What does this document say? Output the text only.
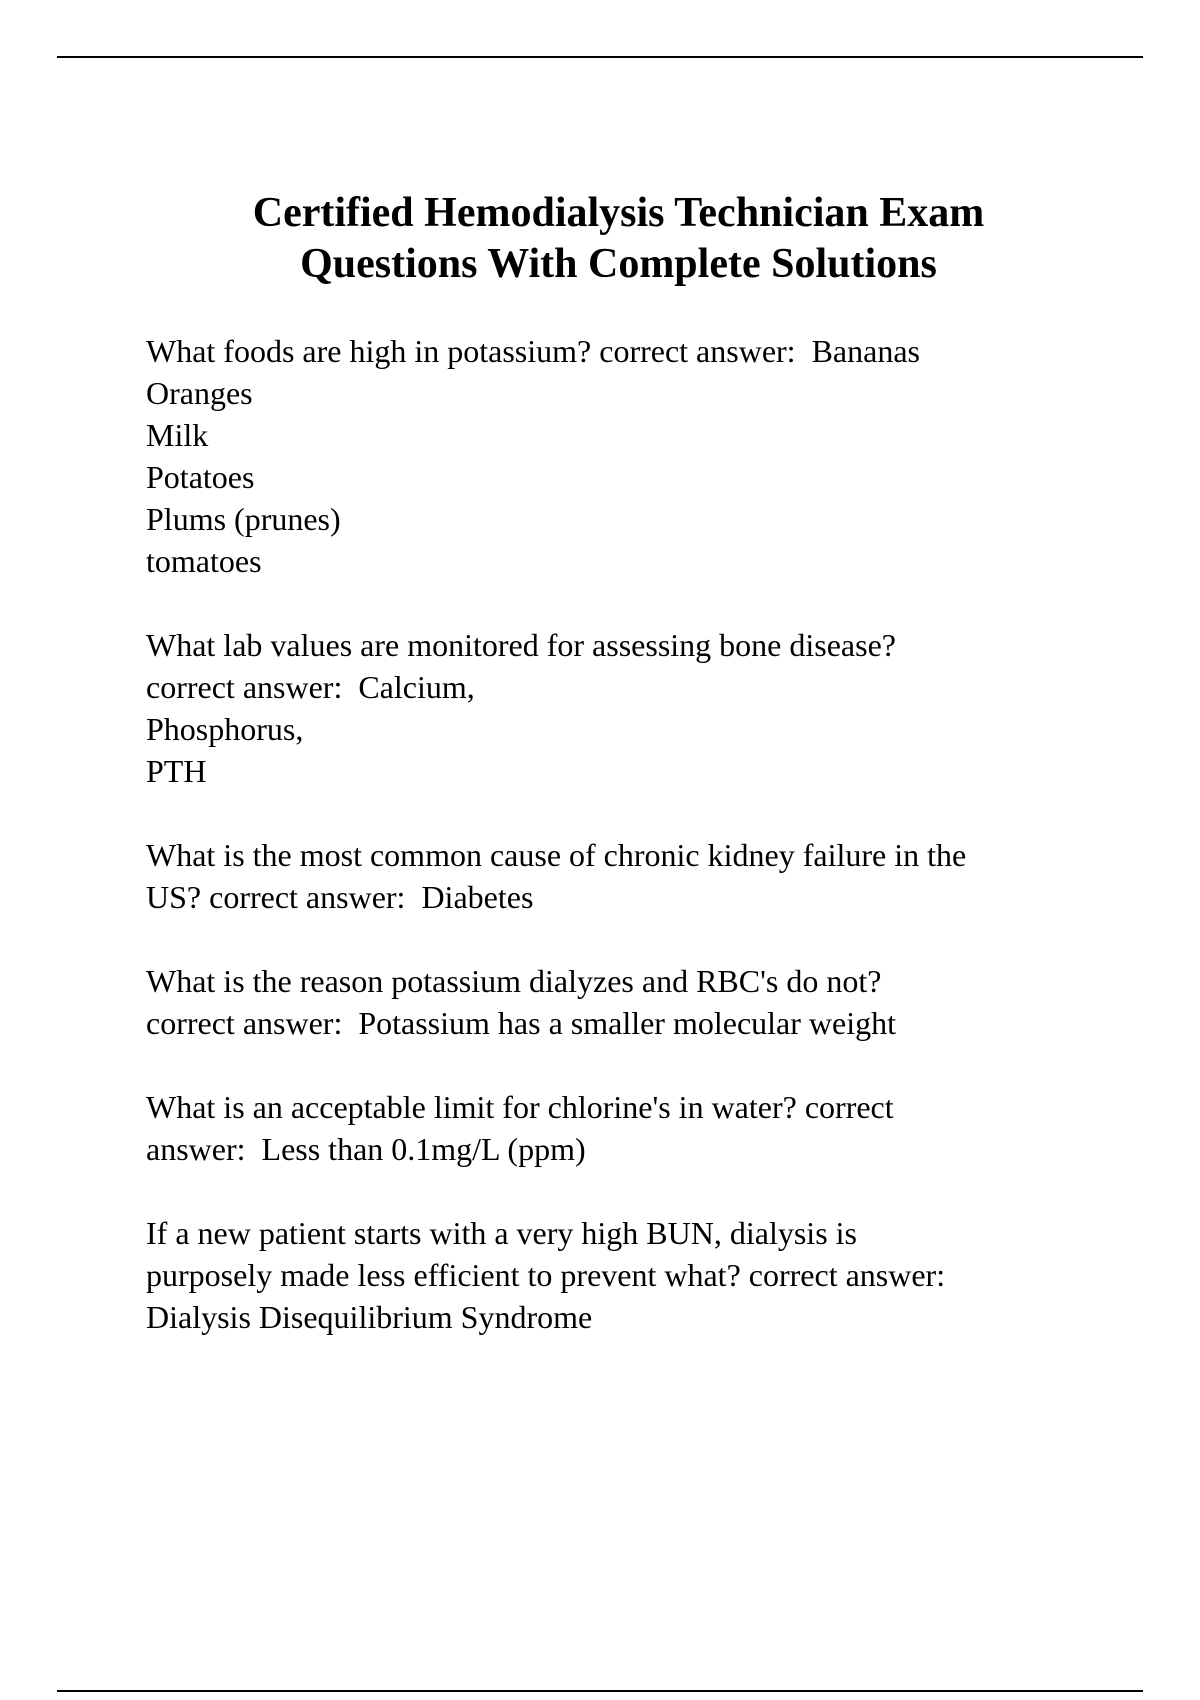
Certified Hemodialysis Technician Exam
Questions With Complete Solutions
What foods are high in potassium? correct answer:  Bananas
Oranges
Milk
Potatoes
Plums (prunes)
tomatoes
What lab values are monitored for assessing bone disease?
correct answer:  Calcium,
Phosphorus,
PTH
What is the most common cause of chronic kidney failure in the
US? correct answer:  Diabetes
What is the reason potassium dialyzes and RBC's do not?
correct answer:  Potassium has a smaller molecular weight
What is an acceptable limit for chlorine's in water? correct
answer:  Less than 0.1mg/L (ppm)
If a new patient starts with a very high BUN, dialysis is
purposely made less efficient to prevent what? correct answer:
Dialysis Disequilibrium Syndrome
